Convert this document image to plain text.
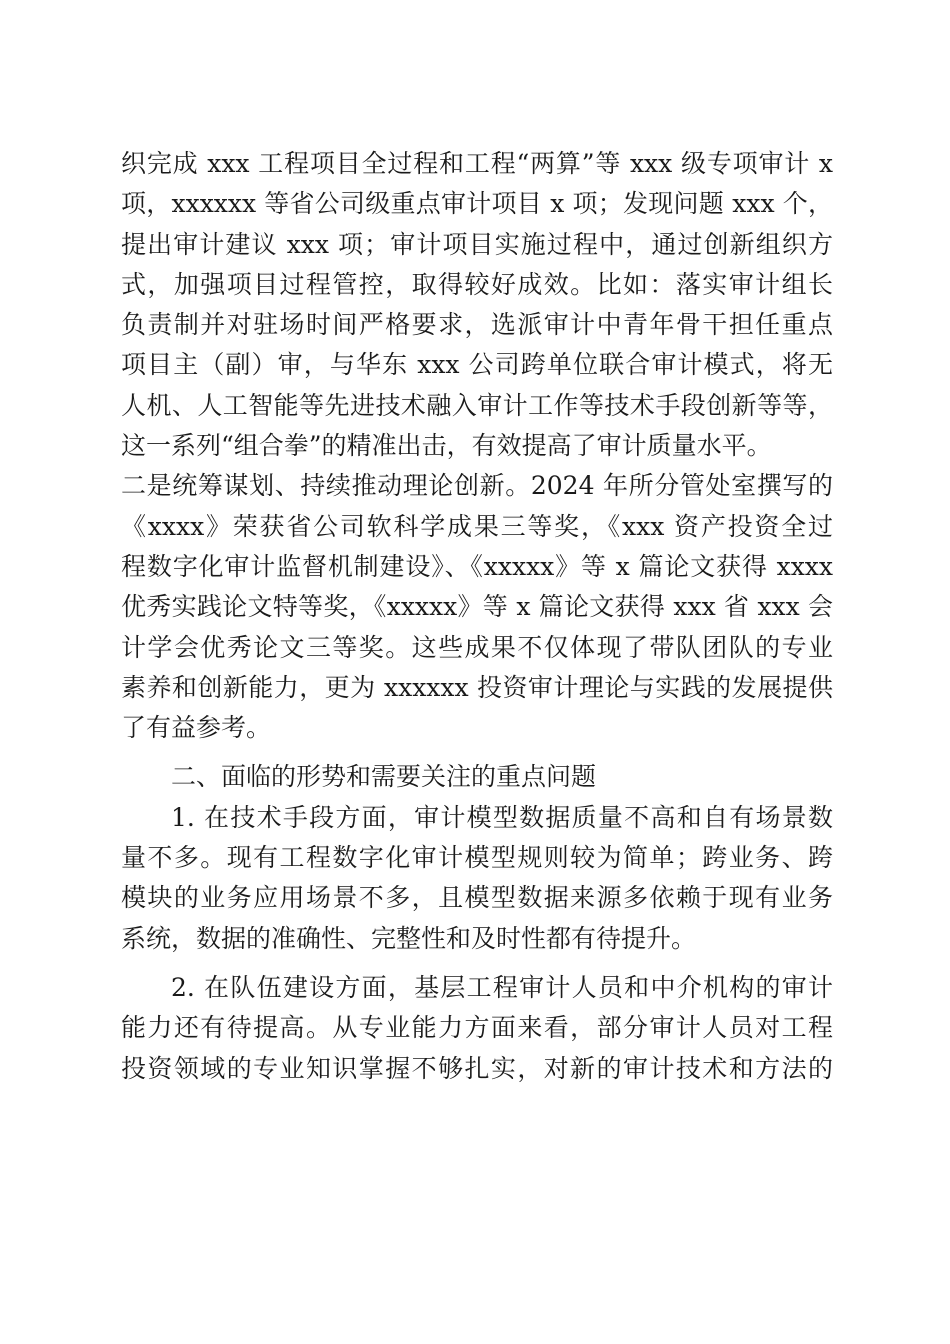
织完成 xxx 工程项目全过程和工程“两算”等 xxx 级专项审计 x
项，xxxxxx 等省公司级重点审计项目 x 项；发现问题 xxx 个，
提出审计建议 xxx 项；审计项目实施过程中，通过创新组织方
式，加强项目过程管控，取得较好成效。比如：落实审计组长
负责制并对驻场时间严格要求，选派审计中青年骨干担任重点
项目主（副）审，与华东 xxx 公司跨单位联合审计模式，将无
人机、人工智能等先进技术融入审计工作等技术手段创新等等，
这一系列“组合拳”的精准出击，有效提高了审计质量水平。
二是统筹谋划、持续推动理论创新。2024 年所分管处室撰写的
《xxxx》荣获省公司软科学成果三等奖，《xxx 资产投资全过
程数字化审计监督机制建设》、《xxxxx》等 x 篇论文获得 xxxx
优秀实践论文特等奖，《xxxxx》等 x 篇论文获得 xxx 省 xxx 会
计学会优秀论文三等奖。这些成果不仅体现了带队团队的专业
素养和创新能力，更为 xxxxxx 投资审计理论与实践的发展提供
了有益参考。
二、面临的形势和需要关注的重点问题
1. 在技术手段方面，审计模型数据质量不高和自有场景数
量不多。现有工程数字化审计模型规则较为简单；跨业务、跨
模块的业务应用场景不多，且模型数据来源多依赖于现有业务
系统，数据的准确性、完整性和及时性都有待提升。
2. 在队伍建设方面，基层工程审计人员和中介机构的审计
能力还有待提高。从专业能力方面来看，部分审计人员对工程
投资领域的专业知识掌握不够扎实，对新的审计技术和方法的
